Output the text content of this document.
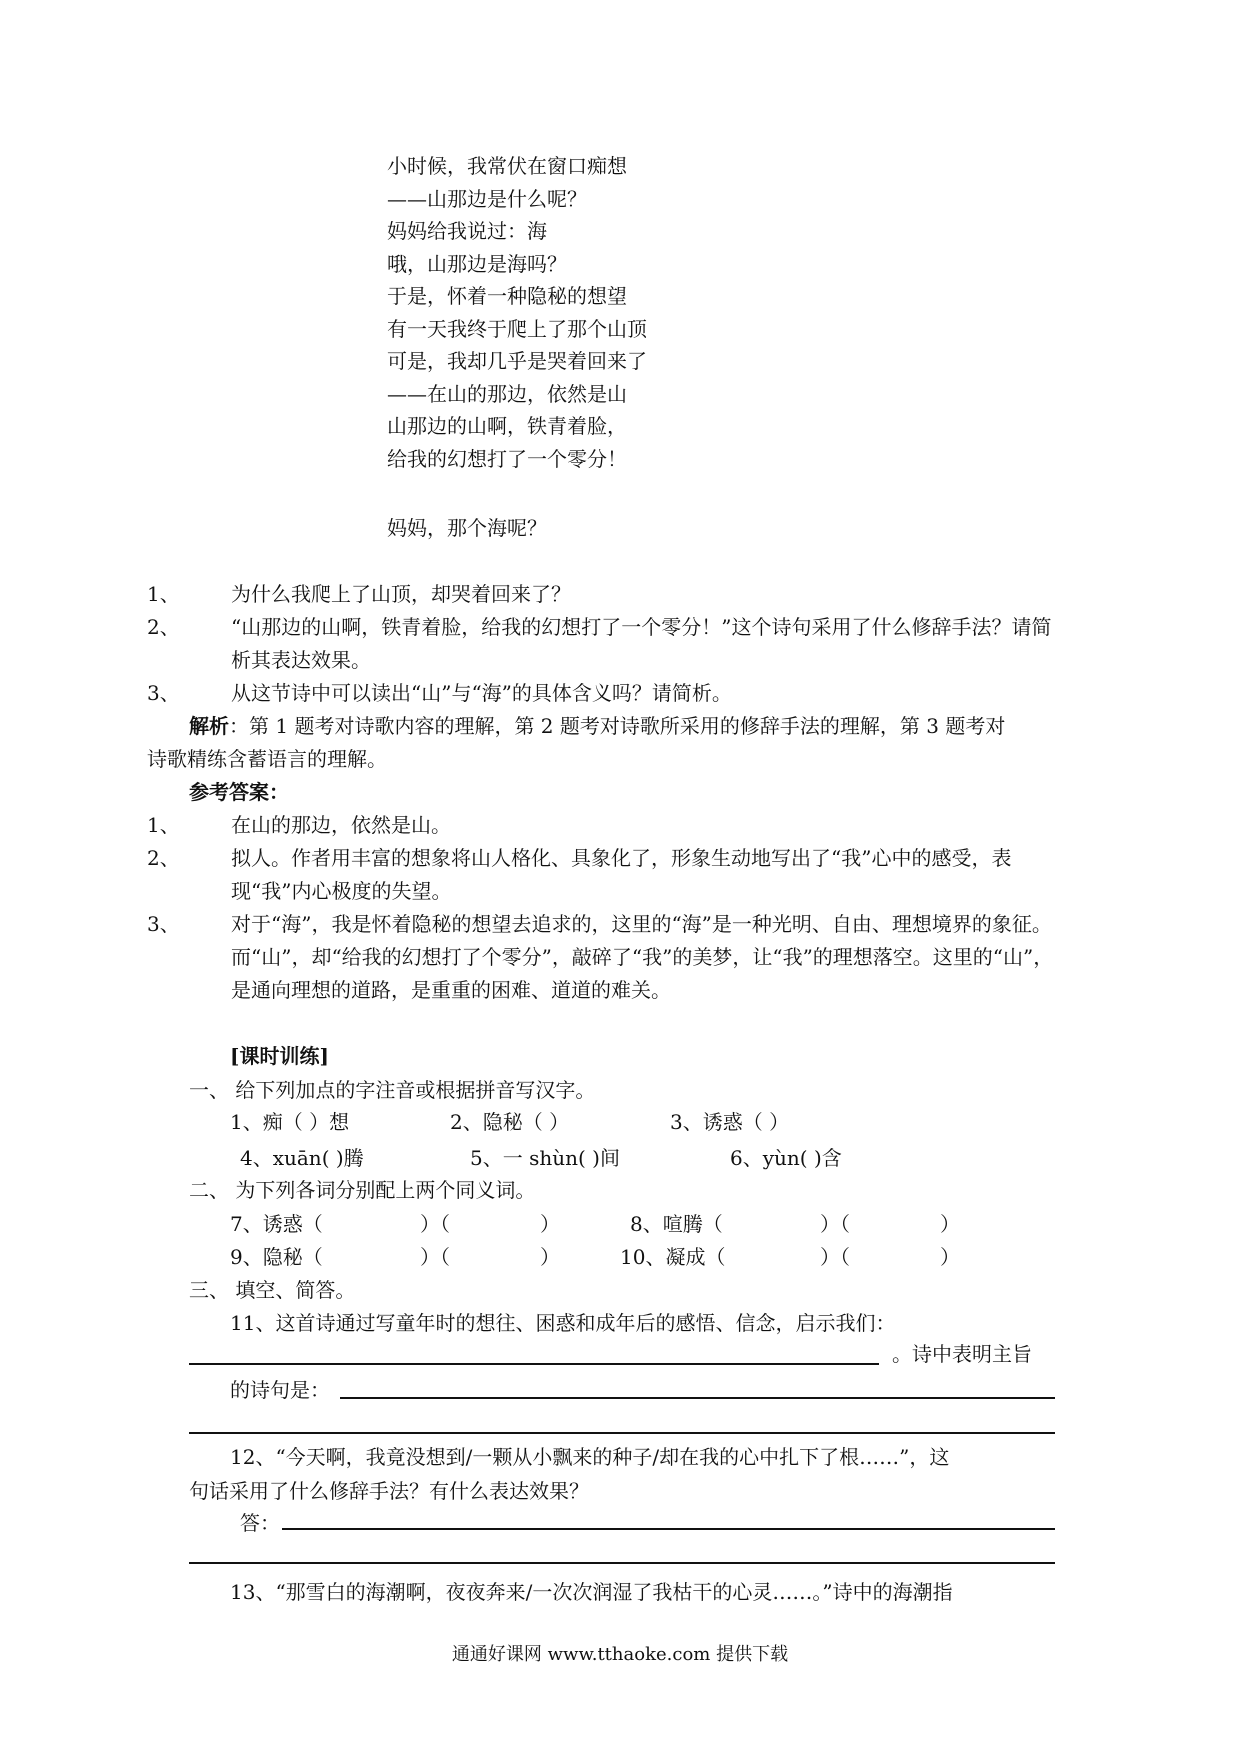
小时候，我常伏在窗口痴想
——山那边是什么呢？
妈妈给我说过：海
哦，山那边是海吗？
于是，怀着一种隐秘的想望
有一天我终于爬上了那个山顶
可是，我却几乎是哭着回来了
——在山的那边，依然是山
山那边的山啊，铁青着脸，
给我的幻想打了一个零分！
妈妈，那个海呢？
1、	为什么我爬上了山顶，却哭着回来了？
2、	“山那边的山啊，铁青着脸，给我的幻想打了一个零分！”这个诗句采用了什么修辞手法？请简析其表达效果。
3、	从这节诗中可以读出“山”与“海”的具体含义吗？请简析。
解析：第 1 题考对诗歌内容的理解，第 2 题考对诗歌所采用的修辞手法的理解，第 3 题考对诗歌精练含蓄语言的理解。
参考答案：
1、	在山的那边，依然是山。
2、	拟人。作者用丰富的想象将山人格化、具象化了，形象生动地写出了“我”心中的感受，表现“我”内心极度的失望。
3、	对于“海”，我是怀着隐秘的想望去追求的，这里的“海”是一种光明、自由、理想境界的象征。而“山”，却“给我的幻想打了个零分”，敲碎了“我”的美梦，让“我”的理想落空。这里的“山”，是通向理想的道路，是重重的困难、道道的难关。
[课时训练]
一、 给下列加点的字注音或根据拼音写汉字。
1、痴（ ）想	2、隐秘（ ）	3、诱惑（ ）
4、xuān( )腾	5、一 shùn( )间	6、yùn( )含
二、 为下列各词分别配上两个同义词。
7、诱惑（	）（	）	8、喧腾（	）（	）
9、隐秘（	）（	）	10、凝成（	）（	）
三、 填空、简答。
11、这首诗通过写童年时的想往、困惑和成年后的感悟、信念，启示我们：
。诗中表明主旨
的诗句是：
12、“今天啊，我竟没想到/一颗从小飘来的种子/却在我的心中扎下了根……”，这
句话采用了什么修辞手法？有什么表达效果？
答：
13、“那雪白的海潮啊，夜夜奔来/一次次润湿了我枯干的心灵……。”诗中的海潮指
通通好课网 www.tthaoke.com 提供下载
